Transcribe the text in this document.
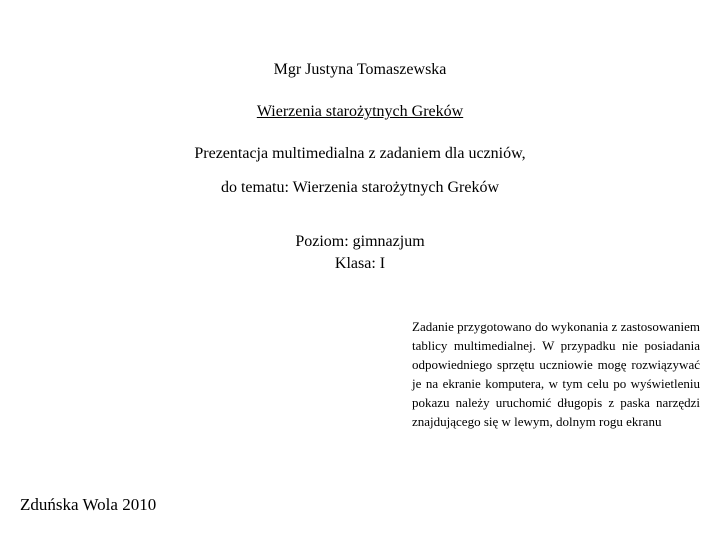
Mgr Justyna Tomaszewska
Wierzenia starożytnych Greków
Prezentacja multimedialna z zadaniem dla uczniów,
do tematu: Wierzenia starożytnych Greków
Poziom: gimnazjum
Klasa: I
Zadanie przygotowano do wykonania z zastosowaniem tablicy multimedialnej. W przypadku nie posiadania odpowiedniego sprzętu uczniowie mogę rozwiązywać je na ekranie komputera, w tym celu po wyświetleniu pokazu należy uruchomić długopis z paska narzędzi znajdującego się w lewym, dolnym rogu ekranu
Zduńska Wola 2010
